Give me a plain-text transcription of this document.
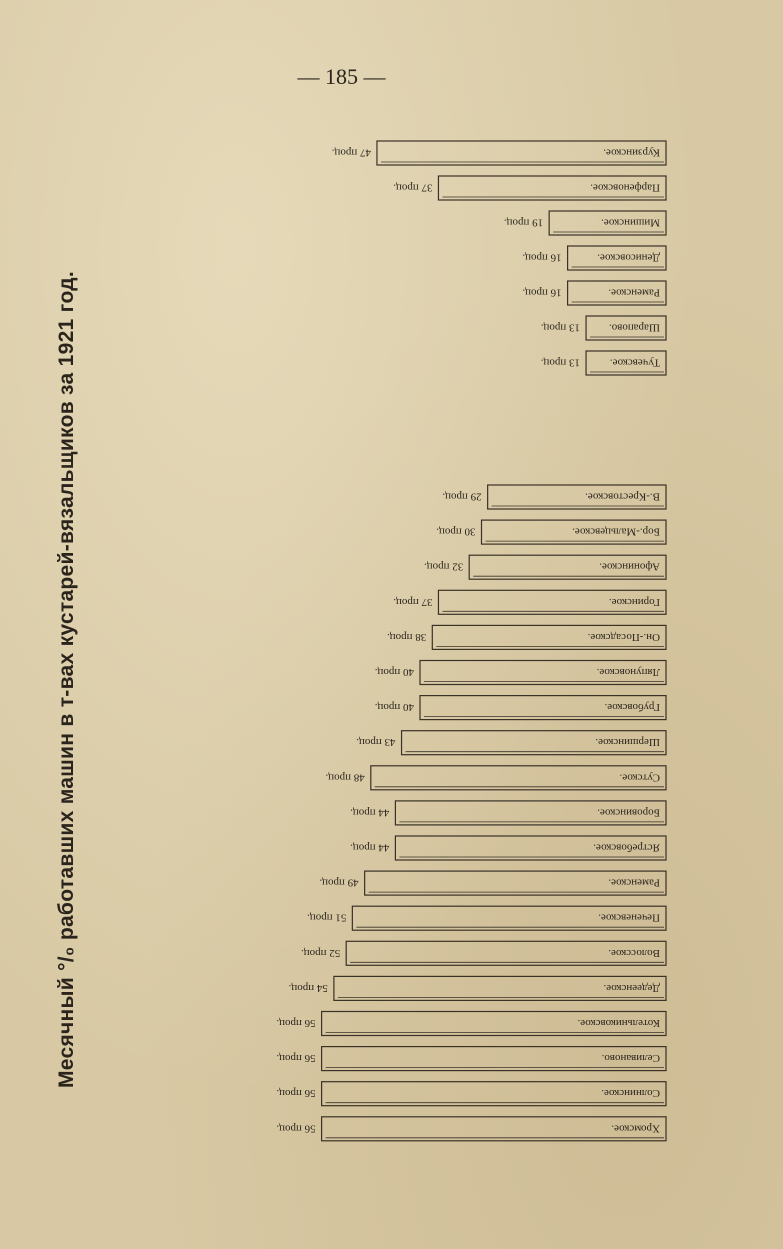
— 185 —
Месячный °/₀ работавших машин в т-вах кустарей-вязальщиков за 1921 год.
Курзинское.
47 проц.
Парфеновское.
37 проц.
Мишинское.
19 проц.
Денисовское.
16 проц.
Раменское.
16 проц.
Шарапово.
13 проц.
Тучевское.
13 проц.
В.-Крестовское.
29 проц.
Бор.-Мальцевское.
30 проц.
Афонинское.
32 проц.
Горинское.
37 проц.
Он.-Посадское.
38 проц.
Ляпуновское.
40 проц.
Грубовское.
40 проц.
Шершинское.
43 проц.
Сутское.
48 проц.
Боровинское.
44 проц.
Ястребовское.
44 проц.
Раменское.
49 проц.
Печеневское.
51 проц.
Волосское.
52 проц.
Дедеенское.
54 проц.
Котельниковское.
56 проц.
Селиваново.
56 проц.
Солнинское.
56 проц.
Хромское.
56 проц.
